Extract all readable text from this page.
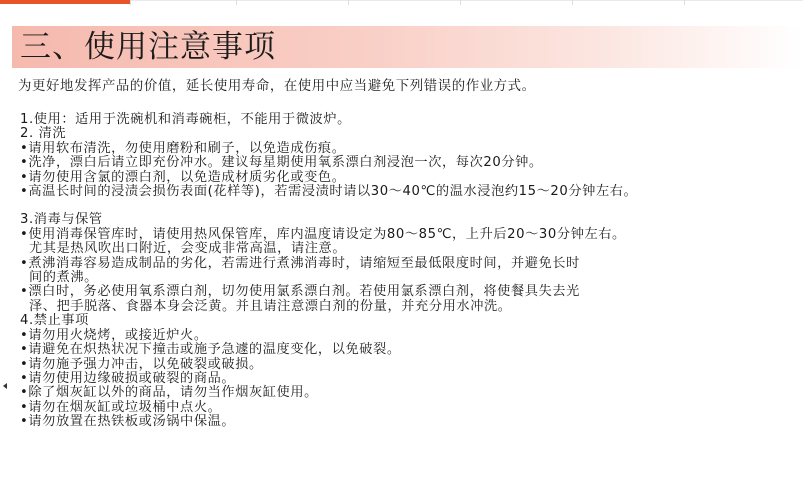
三、使用注意事项
为更好地发挥产品的价值，延长使用寿命，在使用中应当避免下列错误的作业方式。
1.使用：适用于洗碗机和消毒碗柜，不能用于微波炉。
2. 清洗
•请用软布清洗，勿使用磨粉和刷子，以免造成伤痕。
•洗净，漂白后请立即充份冲水。建议每星期使用氧系漂白剂浸泡一次，每次20分钟。
•请勿使用含氯的漂白剂，以免造成材质劣化或变色。
•高温长时间的浸渍会损伤表面(花样等)，若需浸渍时请以30～40℃的温水浸泡约15～20分钟左右。
3.消毒与保管
•使用消毒保管库时，请使用热风保管库，库内温度请设定为80～85℃，上升后20～30分钟左右。
尤其是热风吹出口附近，会变成非常高温，请注意。
•煮沸消毒容易造成制品的劣化，若需进行煮沸消毒时，请缩短至最低限度时间，并避免长时
间的煮沸。
•漂白时，务必使用氧系漂白剂，切勿使用氯系漂白剂。若使用氯系漂白剂，将使餐具失去光
泽、把手脱落、食器本身会泛黄。并且请注意漂白剂的份量，并充分用水冲洗。
4.禁止事项
•请勿用火烧烤，或接近炉火。
•请避免在炽热状况下撞击或施予急遽的温度变化，以免破裂。
•请勿施予强力冲击，以免破裂或破损。
•请勿使用边缘破损或破裂的商品。
•除了烟灰缸以外的商品，请勿当作烟灰缸使用。
•请勿在烟灰缸或垃圾桶中点火。
•请勿放置在热铁板或汤锅中保温。
